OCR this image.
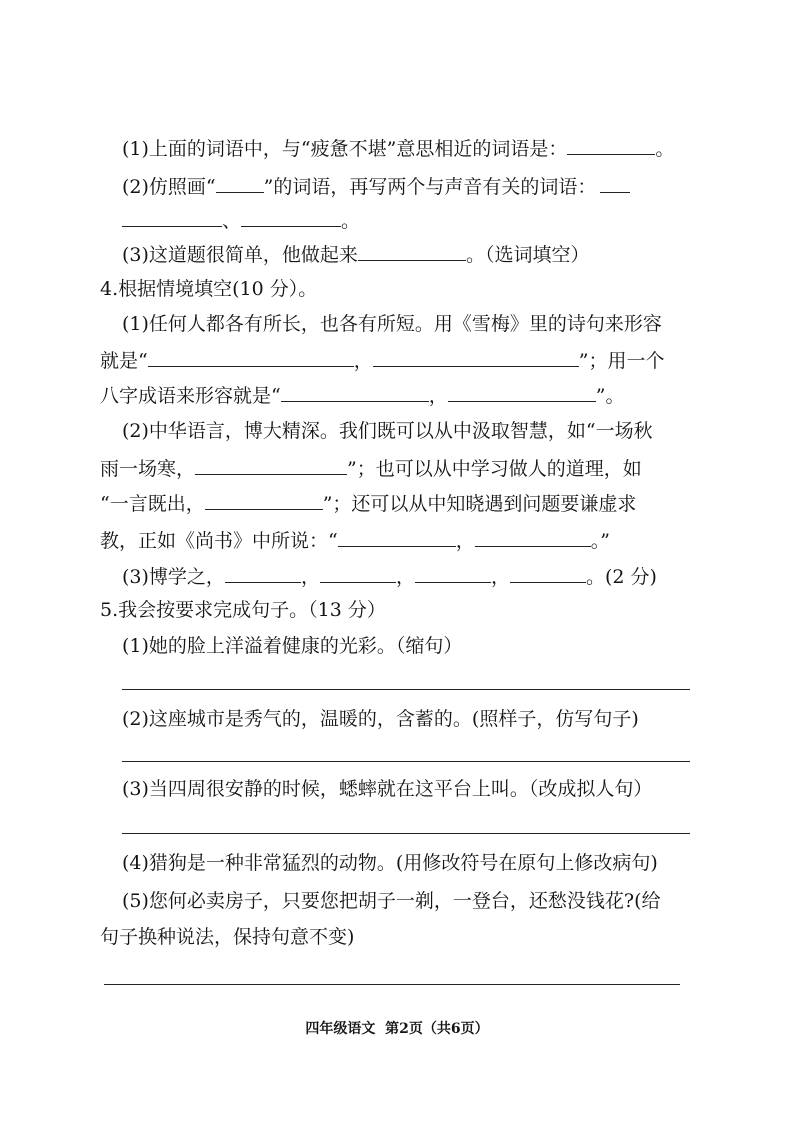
(1)上面的词语中，与“疲惫不堪”意思相近的词语是：	。
(2)仿照画“	”的词语，再写两个与声音有关的词语：
、	。
(3)这道题很简单，他做起来	。（选词填空）
4.根据情境填空(10 分）。
(1)任何人都各有所长，也各有所短。用《雪梅》里的诗句来形容
就是“	，	”；用一个
八字成语来形容就是“	，	”。
(2)中华语言，博大精深。我们既可以从中汲取智慧，如“一场秋
雨一场寒，	”；也可以从中学习做人的道理，如
“一言既出，	”；还可以从中知晓遇到问题要谦虚求
教，正如《尚书》中所说：“	，	。”
(3)博学之，	，	，	，	。(2 分)
5.我会按要求完成句子。（13 分）
(1)她的脸上洋溢着健康的光彩。（缩句）
(2)这座城市是秀气的，温暖的，含蓄的。(照样子，仿写句子)
(3)当四周很安静的时候，蟋蟀就在这平台上叫。（改成拟人句）
(4)猎狗是一种非常猛烈的动物。(用修改符号在原句上修改病句)
(5)您何必卖房子，只要您把胡子一剃，一登台，还愁没钱花?(给
句子换种说法，保持句意不变)
四年级语文 第2页（共6页）
